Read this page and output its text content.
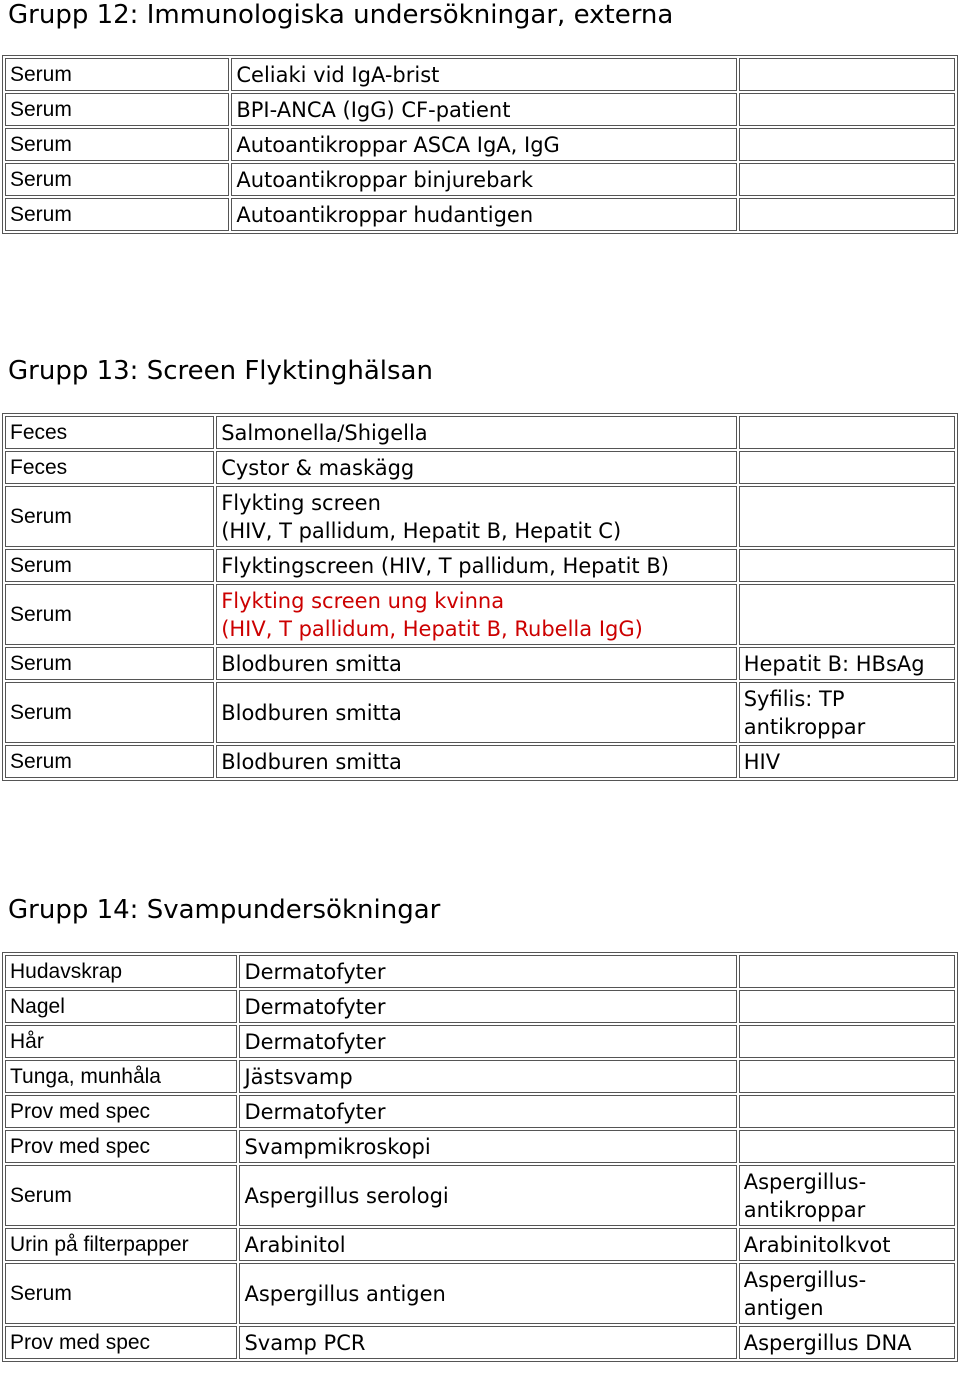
Grupp 12: Immunologiska undersökningar, externa
Serum	Celiaki vid IgA-brist	
Serum	BPI-ANCA (IgG) CF-patient	
Serum	Autoantikroppar ASCA IgA, IgG	
Serum	Autoantikroppar binjurebark	
Serum	Autoantikroppar hudantigen	
Grupp 13: Screen Flyktinghälsan
Feces	Salmonella/Shigella	
Feces	Cystor & maskägg	
Serum	Flykting screen
(HIV, T pallidum, Hepatit B, Hepatit C)	
Serum	Flyktingscreen (HIV, T pallidum, Hepatit B)	
Serum	Flykting screen ung kvinna
(HIV, T pallidum, Hepatit B, Rubella IgG)	
Serum	Blodburen smitta	Hepatit B: HBsAg
Serum	Blodburen smitta	Syfilis: TP
antikroppar
Serum	Blodburen smitta	HIV
Grupp 14: Svampundersökningar
Hudavskrap	Dermatofyter	
Nagel	Dermatofyter	
Hår	Dermatofyter	
Tunga, munhåla	Jästsvamp	
Prov med spec	Dermatofyter	
Prov med spec	Svampmikroskopi	
Serum	Aspergillus serologi	Aspergillus-
antikroppar
Urin på filterpapper	Arabinitol	Arabinitolkvot
Serum	Aspergillus antigen	Aspergillus-
antigen
Prov med spec	Svamp PCR	Aspergillus DNA
